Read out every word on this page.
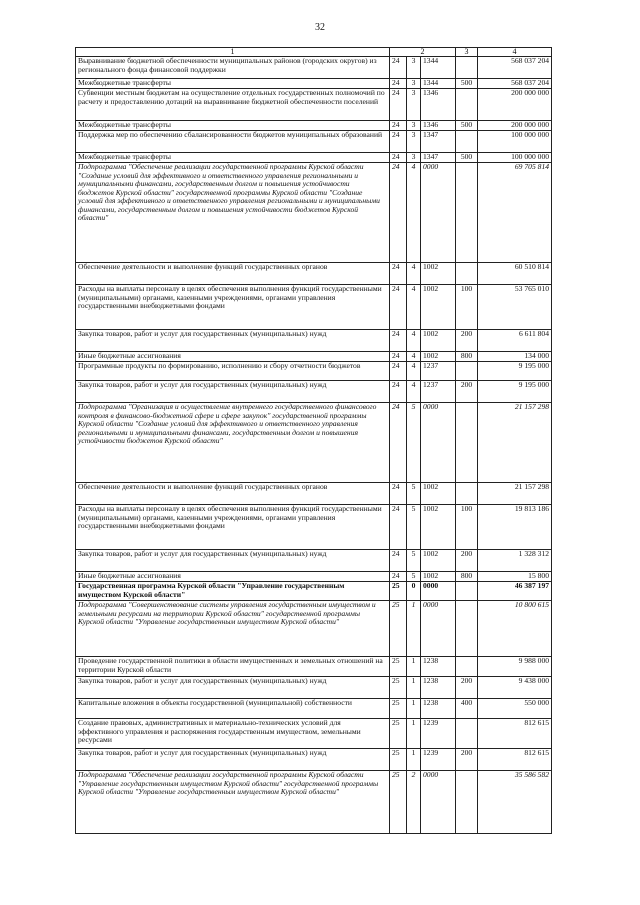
32
1	2			3	4
Выравнивание бюджетной обеспеченности муниципальных районов (городских округов) из регионального фонда финансовой поддержки	24	3	1344		568 037 204
Межбюджетные трансферты	24	3	1344	500	568 037 204
Субвенции местным бюджетам на осуществление отдельных государственных полномочий по расчету и предоставлению дотаций на выравнивание бюджетной обеспеченности поселений	24	3	1346		200 000 000
Межбюджетные трансферты	24	3	1346	500	200 000 000
Поддержка мер по обеспечению сбалансированности бюджетов муниципальных образований	24	3	1347		100 000 000
Межбюджетные трансферты	24	3	1347	500	100 000 000
Подпрограмма "Обеспечение реализации государственной программы Курской области "Создание условий для эффективного и ответственного управления региональными и муниципальными финансами, государственным долгом и повышения устойчивости бюджетов Курской области" государственной программы Курской области "Создание условий для эффективного и ответственного управления региональными и муниципальными финансами, государственным долгом и повышения устойчивости бюджетов Курской области"	24	4	0000		69 705 814
Обеспечение деятельности и выполнение функций государственных органов	24	4	1002		60 510 814
Расходы на выплаты персоналу в целях обеспечения выполнения функций государственными (муниципальными) органами, казенными учреждениями, органами управления государственными внебюджетными фондами	24	4	1002	100	53 765 010
Закупка товаров, работ и услуг для государственных (муниципальных) нужд	24	4	1002	200	6 611 804
Иные бюджетные ассигнования	24	4	1002	800	134 000
Программные продукты по формированию, исполнению и сбору отчетности бюджетов	24	4	1237		9 195 000
Закупка товаров, работ и услуг для государственных (муниципальных) нужд	24	4	1237	200	9 195 000
Подпрограмма "Организация и осуществление внутреннего государственного финансового контроля в финансово-бюджетной сфере и сфере закупок" государственной программы Курской области "Создание условий для эффективного и ответственного управления региональными и муниципальными финансами, государственным долгом и повышения устойчивости бюджетов Курской области"	24	5	0000		21 157 298
Обеспечение деятельности и выполнение функций государственных органов	24	5	1002		21 157 298
Расходы на выплаты персоналу в целях обеспечения выполнения функций государственными (муниципальными) органами, казенными учреждениями, органами управления государственными внебюджетными фондами	24	5	1002	100	19 813 186
Закупка товаров, работ и услуг для государственных (муниципальных) нужд	24	5	1002	200	1 328 312
Иные бюджетные ассигнования	24	5	1002	800	15 800
Государственная программа Курской области "Управление государственным имуществом Курской области"	25	0	0000		46 387 197
Подпрограмма "Совершенствование системы управления государственным имуществом и земельными ресурсами на территории Курской области" государственной программы Курской области "Управление государственным имуществом Курской области"	25	1	0000		10 800 615
Проведение государственной политики в области имущественных и земельных отношений на территории Курской области	25	1	1238		9 988 000
Закупка товаров, работ и услуг для государственных (муниципальных) нужд	25	1	1238	200	9 438 000
Капитальные вложения в объекты государственной (муниципальной) собственности	25	1	1238	400	550 000
Создание правовых, административных и материально-технических условий для эффективного управления и распоряжения государственным имуществом, земельными ресурсами	25	1	1239		812 615
Закупка товаров, работ и услуг для государственных (муниципальных) нужд	25	1	1239	200	812 615
Подпрограмма "Обеспечение реализации государственной программы Курской области "Управление государственным имуществом Курской области" государственной программы Курской области "Управление государственным имуществом Курской области"	25	2	0000		35 586 582
